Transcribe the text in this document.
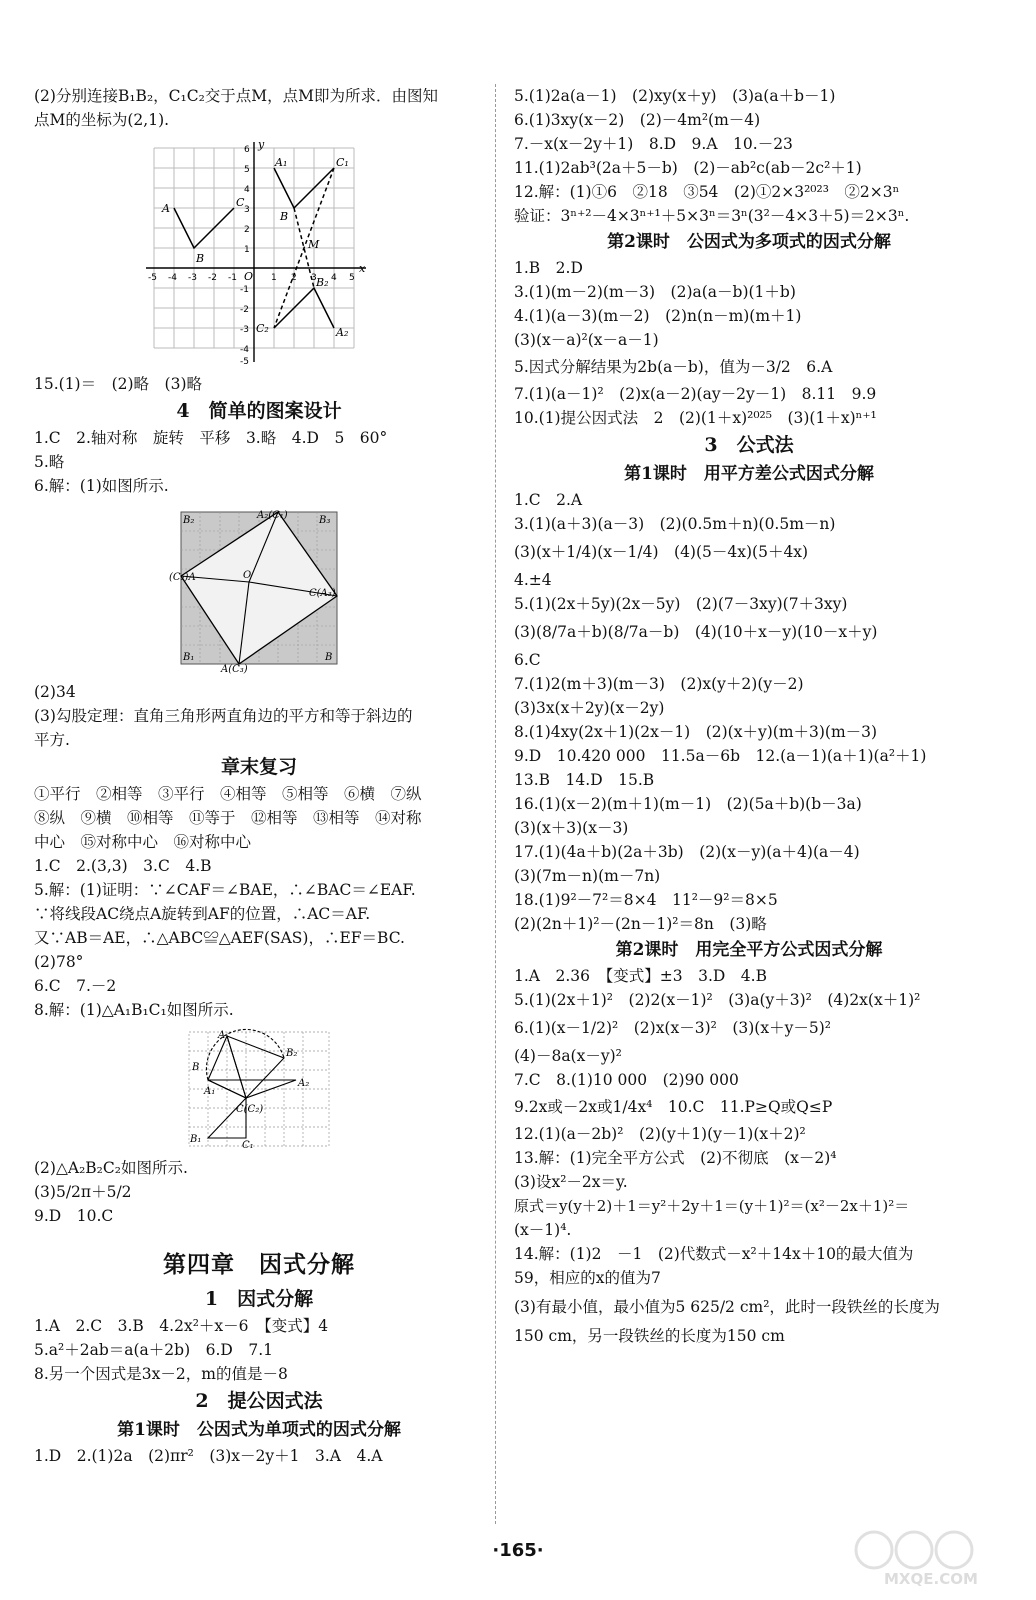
(2)分别连接B₁B₂，C₁C₂交于点M，点M即为所求．由图知
点M的坐标为(2,1).
x
y
O
A₁	C₁
A	C
B
M
B₂
C₂	A₂
B
-5 -4 -3 -2 -1	1 2 3 4 5
6
5
4
3
2
1
-1
-2
-3
-4
-5
15.(1)＝　(2)略　(3)略
4　简单的图案设计
1.C　2.轴对称　旋转　平移　3.略　4.D　5　60°
5.略
6.解：(1)如图所示.
B₂	A₂(C₁)	B₃
(C₂)A	O
C(A₃)
B₁
A(C₃)
B
(2)34
(3)勾股定理：直角三角形两直角边的平方和等于斜边的
平方.
章末复习
①平行　②相等　③平行　④相等　⑤相等　⑥横　⑦纵
⑧纵　⑨横　⑩相等　⑪等于　⑫相等　⑬相等　⑭对称
中心　⑮对称中心　⑯对称中心
1.C　2.(3,3)　3.C　4.B
5.解：(1)证明：∵∠CAF＝∠BAE，∴∠BAC＝∠EAF.
∵将线段AC绕点A旋转到AF的位置，∴AC＝AF.
又∵AB＝AE，∴△ABC≌△AEF(SAS)，∴EF＝BC.
(2)78°
6.C　7.－2
8.解：(1)△A₁B₁C₁如图所示.
A
B
B₂
A₁
C(C₂)
A₂
B₁
C₁
(2)△A₂B₂C₂如图所示.
(3)5/2π＋5/2
9.D　10.C
第四章　因式分解
1　因式分解
1.A　2.C　3.B　4.2x²＋x－6　【变式】4
5.a²＋2ab＝a(a＋2b)　6.D　7.1
8.另一个因式是3x－2，m的值是－8
2　提公因式法
第1课时　公因式为单项式的因式分解
1.D　2.(1)2a　(2)πr²　(3)x－2y＋1　3.A　4.A
5.(1)2a(a－1)　(2)xy(x＋y)　(3)a(a＋b－1)
6.(1)3xy(x－2)　(2)－4m²(m－4)
7.－x(x－2y＋1)　8.D　9.A　10.－23
11.(1)2ab³(2a＋5－b)　(2)－ab²c(ab－2c²＋1)
12.解：(1)①6　②18　③54　(2)①2×3²⁰²³　②2×3ⁿ
验证：3ⁿ⁺²－4×3ⁿ⁺¹＋5×3ⁿ＝3ⁿ(3²－4×3＋5)＝2×3ⁿ.
第2课时　公因式为多项式的因式分解
1.B　2.D
3.(1)(m－2)(m－3)　(2)a(a－b)(1＋b)
4.(1)(a－3)(m－2)　(2)n(n－m)(m＋1)
(3)(x－a)²(x－a－1)
5.因式分解结果为2b(a－b)，值为－3/2　6.A
7.(1)(a－1)²　(2)x(a－2)(ay－2y－1)　8.11　9.9
10.(1)提公因式法　2　(2)(1＋x)²⁰²⁵　(3)(1＋x)ⁿ⁺¹
3　公式法
第1课时　用平方差公式因式分解
1.C　2.A
3.(1)(a＋3)(a－3)　(2)(0.5m＋n)(0.5m－n)
(3)(x＋1/4)(x－1/4)　(4)(5－4x)(5＋4x)
4.±4
5.(1)(2x＋5y)(2x－5y)　(2)(7－3xy)(7＋3xy)
(3)(8/7a＋b)(8/7a－b)　(4)(10＋x－y)(10－x＋y)
6.C
7.(1)2(m＋3)(m－3)　(2)x(y＋2)(y－2)
(3)3x(x＋2y)(x－2y)
8.(1)4xy(2x＋1)(2x－1)　(2)(x＋y)(m＋3)(m－3)
9.D　10.420 000　11.5a－6b　12.(a－1)(a＋1)(a²＋1)
13.B　14.D　15.B
16.(1)(x－2)(m＋1)(m－1)　(2)(5a＋b)(b－3a)
(3)(x＋3)(x－3)
17.(1)(4a＋b)(2a＋3b)　(2)(x－y)(a＋4)(a－4)
(3)(7m－n)(m－7n)
18.(1)9²－7²＝8×4　11²－9²＝8×5
(2)(2n＋1)²－(2n－1)²＝8n　(3)略
第2课时　用完全平方公式因式分解
1.A　2.36　【变式】±3　3.D　4.B
5.(1)(2x＋1)²　(2)2(x－1)²　(3)a(y＋3)²　(4)2x(x＋1)²
6.(1)(x－1/2)²　(2)x(x－3)²　(3)(x＋y－5)²
(4)－8a(x－y)²
7.C　8.(1)10 000　(2)90 000
9.2x或－2x或1/4x⁴　10.C　11.P≥Q或Q≤P
12.(1)(a－2b)²　(2)(y＋1)(y－1)(x＋2)²
13.解：(1)完全平方公式　(2)不彻底　(x－2)⁴
(3)设x²－2x＝y.
原式＝y(y＋2)＋1＝y²＋2y＋1＝(y＋1)²＝(x²－2x＋1)²＝
(x－1)⁴.
14.解：(1)2　－1　(2)代数式－x²＋14x＋10的最大值为
59，相应的x的值为7
(3)有最小值，最小值为5 625/2 cm²，此时一段铁丝的长度为
150 cm，另一段铁丝的长度为150 cm
·165·
MXQE.COM
